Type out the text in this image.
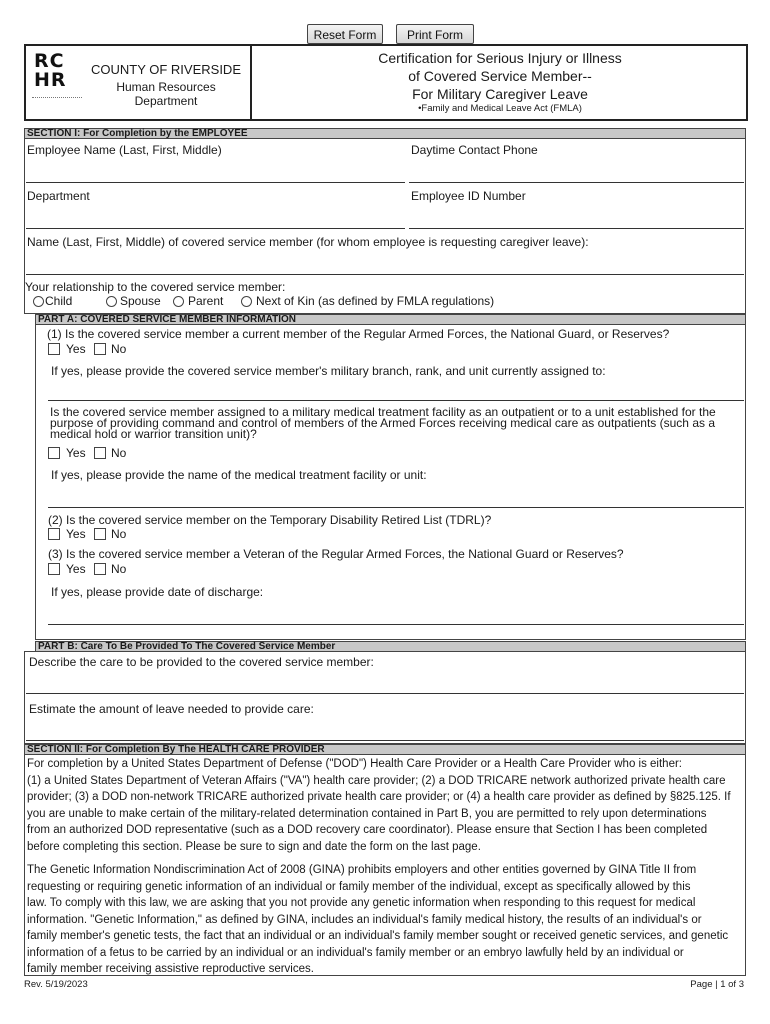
Reset Form	Print Form
RC
HR	COUNTY OF RIVERSIDE
Human Resources Department
Certification for Serious Injury or Illness
of Covered Service Member--
For Military Caregiver Leave
•Family and Medical Leave Act (FMLA)
SECTION I: For Completion by the EMPLOYEE
Employee Name (Last, First, Middle)	Daytime Contact Phone
Department	Employee ID Number
Name (Last, First, Middle) of covered service member (for whom employee is requesting caregiver leave):
Your relationship to the covered service member:
Child	Spouse Parent	Next of Kin (as defined by FMLA regulations)
PART A: COVERED SERVICE MEMBER INFORMATION
(1) Is the covered service member a current member of the Regular Armed Forces, the National Guard, or Reserves?
Yes No
If yes, please provide the covered service member's military branch, rank, and unit currently assigned to:
Is the covered service member assigned to a military medical treatment facility as an outpatient or to a unit established for the
purpose of providing command and control of members of the Armed Forces receiving medical care as outpatients (such as a
medical hold or warrior transition unit)?
Yes No
If yes, please provide the name of the medical treatment facility or unit:
(2) Is the covered service member on the Temporary Disability Retired List (TDRL)?
Yes No
(3) Is the covered service member a Veteran of the Regular Armed Forces, the National Guard or Reserves?
Yes No
If yes, please provide date of discharge:
PART B: Care To Be Provided To The Covered Service Member
Describe the care to be provided to the covered service member:
Estimate the amount of leave needed to provide care:
SECTION II: For Completion By The HEALTH CARE PROVIDER
For completion by a United States Department of Defense ("DOD") Health Care Provider or a Health Care Provider who is either:
(1) a United States Department of Veteran Affairs ("VA") health care provider; (2) a DOD TRICARE network authorized private health care
provider; (3) a DOD non-network TRICARE authorized private health care provider; or (4) a health care provider as defined by §825.125. If
you are unable to make certain of the military-related determination contained in Part B, you are permitted to rely upon determinations
from an authorized DOD representative (such as a DOD recovery care coordinator). Please ensure that Section I has been completed
before completing this section. Please be sure to sign and date the form on the last page.
The Genetic Information Nondiscrimination Act of 2008 (GINA) prohibits employers and other entities governed by GINA Title II from
requesting or requiring genetic information of an individual or family member of the individual, except as specifically allowed by this
law. To comply with this law, we are asking that you not provide any genetic information when responding to this request for medical
information. "Genetic Information," as defined by GINA, includes an individual's family medical history, the results of an individual's or
family member's genetic tests, the fact that an individual or an individual's family member sought or received genetic services, and genetic
information of a fetus to be carried by an individual or an individual's family member or an embryo lawfully held by an individual or
family member receiving assistive reproductive services.
Rev. 5/19/2023	Page | 1 of 3
